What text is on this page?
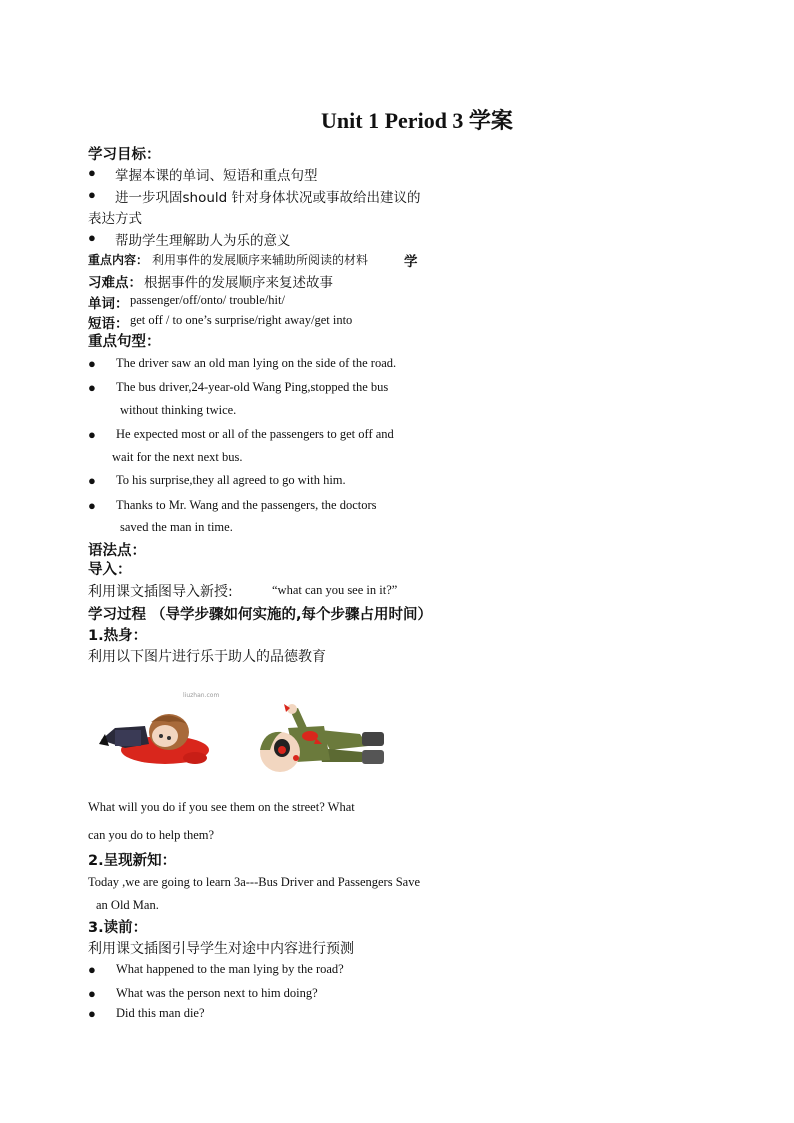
Unit 1 Period 3 学案
学习目标：
● 掌握本课的单词、短语和重点句型
● 进一步巩固should 针对身体状况或事故给出建议的
表达方式
● 帮助学生理解助人为乐的意义
重点内容： 利用事件的发展顺序来辅助所阅读的材料	学
习难点： 根据事件的发展顺序来复述故事
单词： passenger/off/onto/ trouble/hit/
短语： get off / to one’s surprise/right away/get into
重点句型：
● The driver saw an old man lying on the side of the road.
● The bus driver,24-year-old Wang Ping,stopped the bus
without thinking twice.
● He expected most or all of the passengers to get off and
wait for the next next bus.
● To his surprise,they all agreed to go with him.
● Thanks to Mr. Wang and the passengers, the doctors
saved the man in time.
语法点：
导入：
利用课文插图导入新授:	“what can you see in it?”
学习过程 （导学步骤如何实施的,每个步骤占用时间）
1.热身：
利用以下图片进行乐于助人的品德教育
liuzhan.com
What will you do if you see them on the street? What
can you do to help them?
2.呈现新知：
Today ,we are going to learn 3a---Bus Driver and Passengers Save
an Old Man.
3.读前：
利用课文插图引导学生对途中内容进行预测
● What happened to the man lying by the road?
● What was the person next to him doing?
● Did this man die?
